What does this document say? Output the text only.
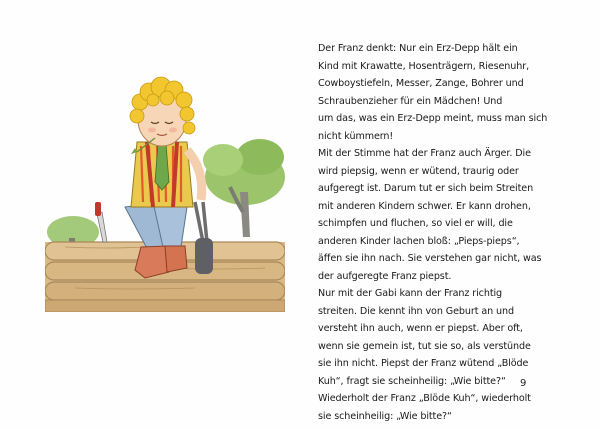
Der Franz denkt: Nur ein Erz-Depp hält ein
Kind mit Krawatte, Hosenträgern, Riesenuhr,
Cowboystiefeln, Messer, Zange, Bohrer und
Schraubenzieher für ein Mädchen! Und
um das, was ein Erz-Depp meint, muss man sich
nicht kümmern!

Mit der Stimme hat der Franz auch Ärger. Die
wird piepsig, wenn er wütend, traurig oder
aufgeregt ist. Darum tut er sich beim Streiten
mit anderen Kindern schwer. Er kann drohen,
schimpfen und fluchen, so viel er will, die
anderen Kinder lachen bloß: „Pieps-pieps“,
äffen sie ihn nach. Sie verstehen gar nicht, was
der aufgeregte Franz piepst.

Nur mit der Gabi kann der Franz richtig
streiten. Die kennt ihn von Geburt an und
versteht ihn auch, wenn er piepst. Aber oft,
wenn sie gemein ist, tut sie so, als verstünde
sie ihn nicht. Piepst der Franz wütend „Blöde
Kuh“, fragt sie scheinheilig: „Wie bitte?“
Wiederholt der Franz „Blöde Kuh“, wiederholt
sie scheinheilig: „Wie bitte?“

9
